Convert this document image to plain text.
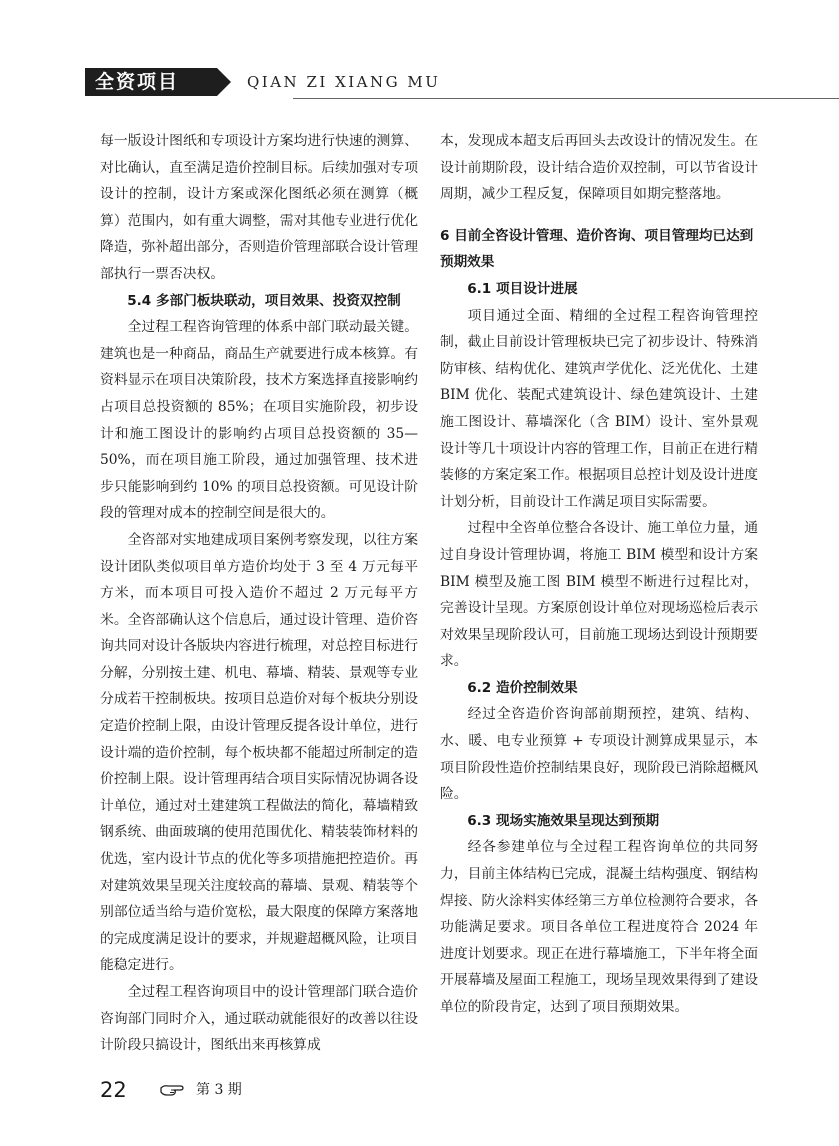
全资项目	QIAN ZI XIANG MU

每一版设计图纸和专项设计方案均进行快速的测算、对比确认，直至满足造价控制目标。后续加强对专项设计的控制，设计方案或深化图纸必须在测算（概算）范围内，如有重大调整，需对其他专业进行优化降造，弥补超出部分，否则造价管理部联合设计管理部执行一票否决权。

5.4 多部门板块联动，项目效果、投资双控制

全过程工程咨询管理的体系中部门联动最关键。建筑也是一种商品，商品生产就要进行成本核算。有资料显示在项目决策阶段，技术方案选择直接影响约占项目总投资额的 85%；在项目实施阶段，初步设计和施工图设计的影响约占项目总投资额的 35—50%，而在项目施工阶段，通过加强管理、技术进步只能影响到约 10% 的项目总投资额。可见设计阶段的管理对成本的控制空间是很大的。

全咨部对实地建成项目案例考察发现，以往方案设计团队类似项目单方造价均处于 3 至 4 万元每平方米，而本项目可投入造价不超过 2 万元每平方米。全咨部确认这个信息后，通过设计管理、造价咨询共同对设计各版块内容进行梳理，对总控目标进行分解，分别按土建、机电、幕墙、精装、景观等专业分成若干控制板块。按项目总造价对每个板块分别设定造价控制上限，由设计管理反提各设计单位，进行设计端的造价控制，每个板块都不能超过所制定的造价控制上限。设计管理再结合项目实际情况协调各设计单位，通过对土建建筑工程做法的简化，幕墙精致钢系统、曲面玻璃的使用范围优化、精装装饰材料的优选，室内设计节点的优化等多项措施把控造价。再对建筑效果呈现关注度较高的幕墙、景观、精装等个别部位适当给与造价宽松，最大限度的保障方案落地的完成度满足设计的要求，并规避超概风险，让项目能稳定进行。

全过程工程咨询项目中的设计管理部门联合造价咨询部门同时介入，通过联动就能很好的改善以往设计阶段只搞设计，图纸出来再核算成

本，发现成本超支后再回头去改设计的情况发生。在设计前期阶段，设计结合造价双控制，可以节省设计周期，减少工程反复，保障项目如期完整落地。

6 目前全咨设计管理、造价咨询、项目管理均已达到预期效果

6.1 项目设计进展

项目通过全面、精细的全过程工程咨询管理控制，截止目前设计管理板块已完了初步设计、特殊消防审核、结构优化、建筑声学优化、泛光优化、土建 BIM 优化、装配式建筑设计、绿色建筑设计、土建施工图设计、幕墙深化（含 BIM）设计、室外景观设计等几十项设计内容的管理工作，目前正在进行精装修的方案定案工作。根据项目总控计划及设计进度计划分析，目前设计工作满足项目实际需要。

过程中全咨单位整合各设计、施工单位力量，通过自身设计管理协调，将施工 BIM 模型和设计方案 BIM 模型及施工图 BIM 模型不断进行过程比对，完善设计呈现。方案原创设计单位对现场巡检后表示对效果呈现阶段认可，目前施工现场达到设计预期要求。

6.2 造价控制效果

经过全咨造价咨询部前期预控，建筑、结构、水、暖、电专业预算 + 专项设计测算成果显示，本项目阶段性造价控制结果良好，现阶段已消除超概风险。

6.3 现场实施效果呈现达到预期

经各参建单位与全过程工程咨询单位的共同努力，目前主体结构已完成，混凝土结构强度、钢结构焊接、防火涂料实体经第三方单位检测符合要求，各功能满足要求。项目各单位工程进度符合 2024 年进度计划要求。现正在进行幕墙施工，下半年将全面开展幕墙及屋面工程施工，现场呈现效果得到了建设单位的阶段肯定，达到了项目预期效果。

22	第 3 期
